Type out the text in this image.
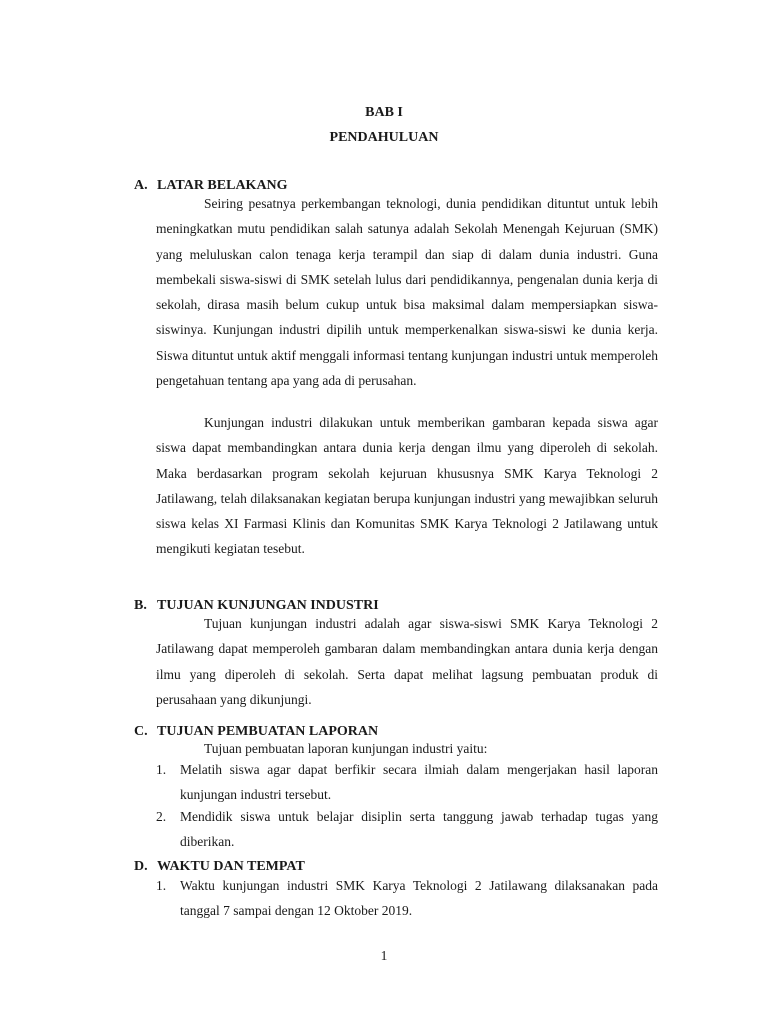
BAB I
PENDAHULUAN
A. LATAR BELAKANG

Seiring pesatnya perkembangan teknologi, dunia pendidikan dituntut untuk lebih meningkatkan mutu pendidikan salah satunya adalah Sekolah Menengah Kejuruan (SMK) yang meluluskan calon tenaga kerja terampil dan siap di dalam dunia industri. Guna membekali siswa-siswi di SMK setelah lulus dari pendidikannya, pengenalan dunia kerja di sekolah, dirasa masih belum cukup untuk bisa maksimal dalam mempersiapkan siswa-siswinya. Kunjungan industri dipilih untuk memperkenalkan siswa-siswi ke dunia kerja. Siswa dituntut untuk aktif menggali informasi tentang kunjungan industri untuk memperoleh pengetahuan tentang apa yang ada di perusahan.

Kunjungan industri dilakukan untuk memberikan gambaran kepada siswa agar siswa dapat membandingkan antara dunia kerja dengan ilmu yang diperoleh di sekolah. Maka berdasarkan program sekolah kejuruan khususnya SMK Karya Teknologi 2 Jatilawang, telah dilaksanakan kegiatan berupa kunjungan industri yang mewajibkan seluruh siswa kelas XI Farmasi Klinis dan Komunitas SMK Karya Teknologi 2 Jatilawang untuk mengikuti kegiatan tesebut.

B. TUJUAN KUNJUNGAN INDUSTRI

Tujuan kunjungan industri adalah agar siswa-siswi SMK Karya Teknologi 2 Jatilawang dapat memperoleh gambaran dalam membandingkan antara dunia kerja dengan ilmu yang diperoleh di sekolah. Serta dapat melihat lagsung pembuatan produk di perusahaan yang dikunjungi.

C. TUJUAN PEMBUATAN LAPORAN
Tujuan pembuatan laporan kunjungan industri yaitu:
1. Melatih siswa agar dapat berfikir secara ilmiah dalam mengerjakan hasil laporan kunjungan industri tersebut.
2. Mendidik siswa untuk belajar disiplin serta tanggung jawab terhadap tugas yang diberikan.
D. WAKTU DAN TEMPAT
1. Waktu kunjungan industri SMK Karya Teknologi 2 Jatilawang dilaksanakan pada tanggal 7 sampai dengan 12 Oktober 2019.
1
